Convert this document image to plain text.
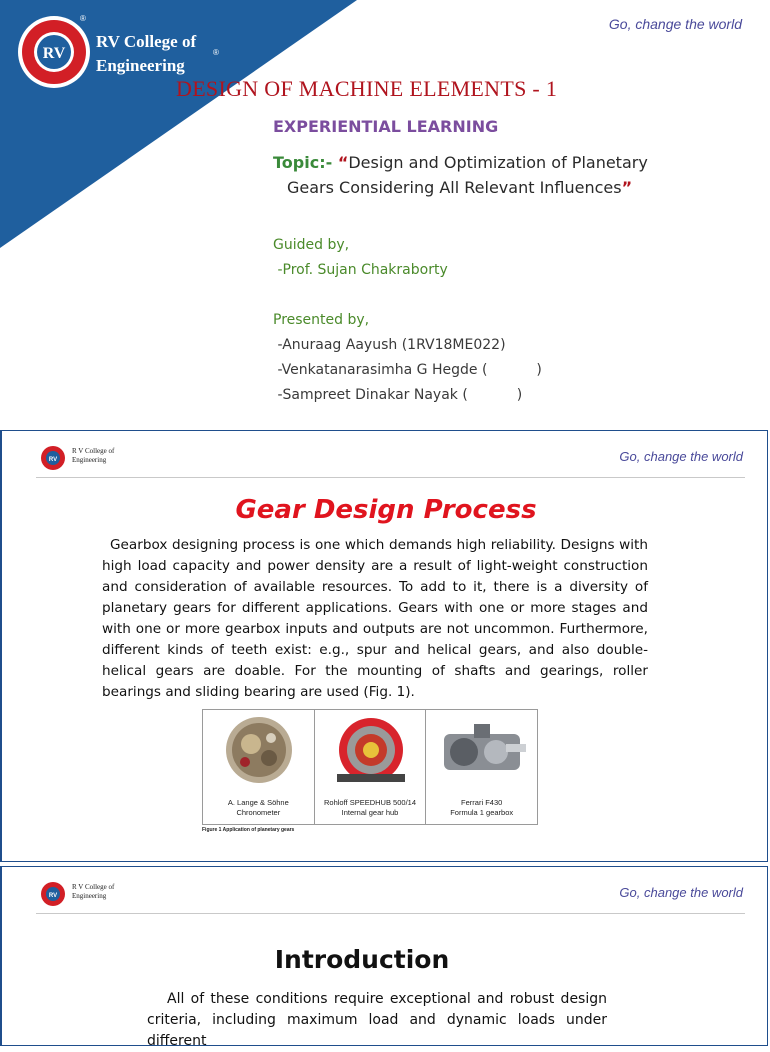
RV
RV College of
Engineering
®
®
Go, change the world
DESIGN OF MACHINE ELEMENTS - 1
EXPERIENTIAL LEARNING
Topic:- “Design and Optimization of Planetary
Gears Considering All Relevant Influences”
Guided by,
-Prof. Sujan Chakraborty

Presented by,
-Anuraag Aayush (1RV18ME022)
-Venkatanarasimha G Hegde (           )
-Sampreet Dinakar Nayak (           )
RV
R V College of Engineering	Go, change the world
Gear Design Process
Gearbox designing process is one which demands high reliability. Designs with high load capacity and power density are a result of light-weight construction and consideration of available resources. To add to it, there is a diversity of planetary gears for different applications. Gears with one or more stages and with one or more gearbox inputs and outputs are not uncommon. Furthermore, different kinds of teeth exist: e.g., spur and helical gears, and also double-helical gears are doable. For the mounting of shafts and gearings, roller bearings and sliding bearing are used (Fig. 1).
A. Lange & Söhne
Chronometer
Rohloff SPEEDHUB 500/14
Internal gear hub
Ferrari F430
Formula 1 gearbox
Figure 1 Application of planetary gears
RV
R V College of Engineering	Go, change the world
Introduction
All of these conditions require exceptional and robust design criteria, including maximum load and dynamic loads under different
